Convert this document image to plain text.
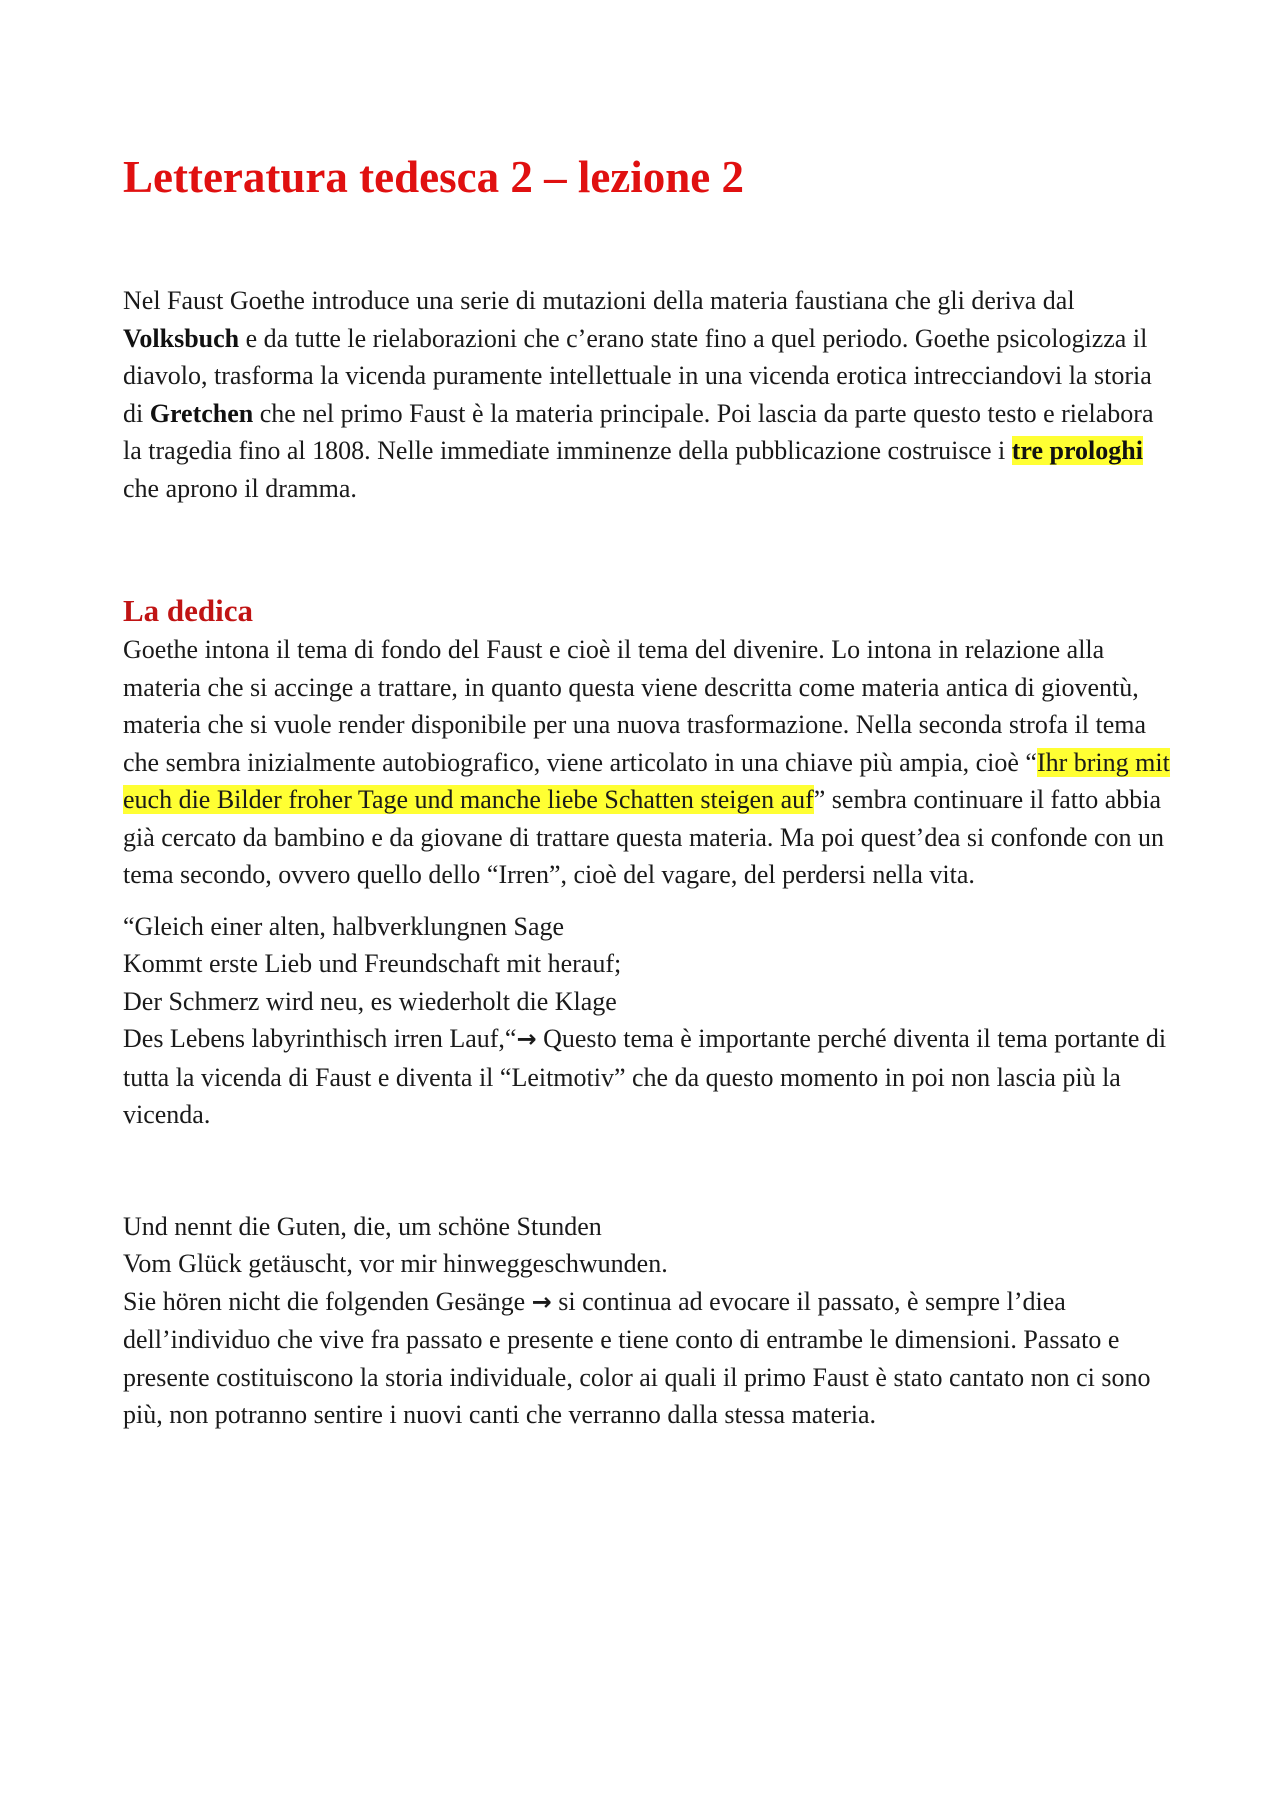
Letteratura tedesca 2 – lezione 2

Nel Faust Goethe introduce una serie di mutazioni della materia faustiana che gli deriva dal Volksbuch e da tutte le rielaborazioni che c’erano state fino a quel periodo. Goethe psicologizza il diavolo, trasforma la vicenda puramente intellettuale in una vicenda erotica intrecciandovi la storia di Gretchen che nel primo Faust è la materia principale. Poi lascia da parte questo testo e rielabora la tragedia fino al 1808. Nelle immediate imminenze della pubblicazione costruisce i tre prologhi che aprono il dramma.

La dedica

Goethe intona il tema di fondo del Faust e cioè il tema del divenire. Lo intona in relazione alla materia che si accinge a trattare, in quanto questa viene descritta come materia antica di gioventù, materia che si vuole render disponibile per una nuova trasformazione. Nella seconda strofa il tema che sembra inizialmente autobiografico, viene articolato in una chiave più ampia, cioè “Ihr bring mit euch die Bilder froher Tage und manche liebe Schatten steigen auf” sembra continuare il fatto abbia già cercato da bambino e da giovane di trattare questa materia. Ma poi quest’dea si confonde con un tema secondo, ovvero quello dello “Irren”, cioè del vagare, del perdersi nella vita.

“Gleich einer alten, halbverklungnen Sage
Kommt erste Lieb und Freundschaft mit herauf;
Der Schmerz wird neu, es wiederholt die Klage
Des Lebens labyrinthisch irren Lauf,“→ Questo tema è importante perché diventa il tema portante di tutta la vicenda di Faust e diventa il “Leitmotiv” che da questo momento in poi non lascia più la vicenda.

Und nennt die Guten, die, um schöne Stunden
Vom Glück getäuscht, vor mir hinweggeschwunden.
Sie hören nicht die folgenden Gesänge → si continua ad evocare il passato, è sempre l’diea dell’individuo che vive fra passato e presente e tiene conto di entrambe le dimensioni. Passato e presente costituiscono la storia individuale, color ai quali il primo Faust è stato cantato non ci sono più, non potranno sentire i nuovi canti che verranno dalla stessa materia.
